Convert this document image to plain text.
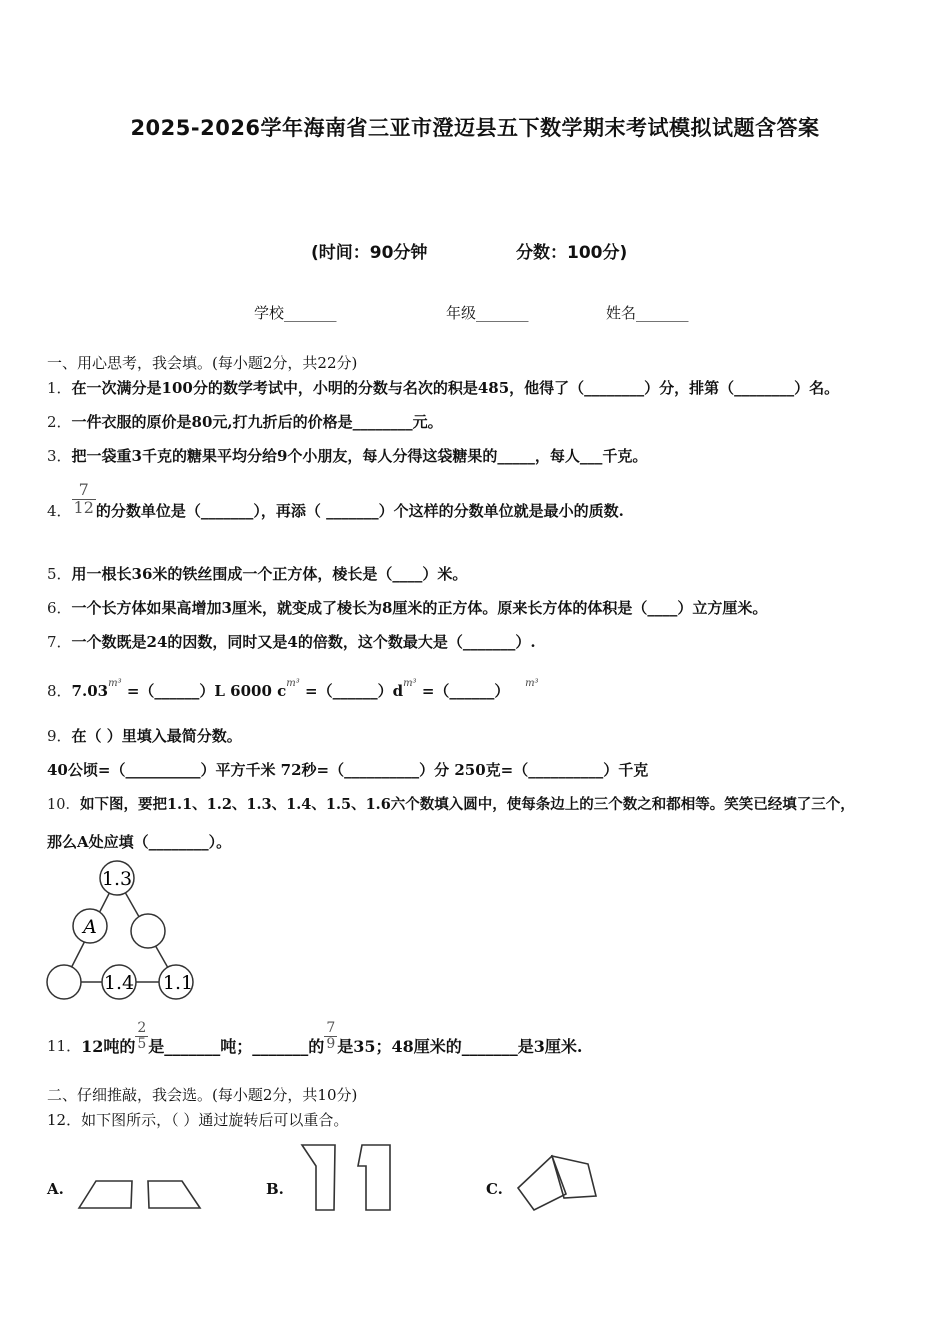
2025-2026学年海南省三亚市澄迈县五下数学期末考试模拟试题含答案
(时间：90分钟	分数：100分)
学校_______	年级_______	姓名_______
一、用心思考，我会填。(每小题2分，共22分)
1．在一次满分是100分的数学考试中，小明的分数与名次的积是485，他得了（________）分，排第（________）名。
2．一件衣服的原价是80元,打九折后的价格是________元。
3．把一袋重3千克的糖果平均分给9个小朋友，每人分得这袋糖果的_____，每人___千克。
4． $\frac{7}{12}$ 的分数单位是（_______），再添（ _______）个这样的分数单位就是最小的质数.
5．用一根长36米的铁丝围成一个正方体，棱长是（____）米。
6．一个长方体如果高增加3厘米，就变成了棱长为8厘米的正方体。原来长方体的体积是（____）立方厘米。
7．一个数既是24的因数，同时又是4的倍数，这个数最大是（_______）.
8．$7.03^{m^3}$ =（______）L 6000 $c^{m^3}$ $=(\_\_\_\_\_\_)d^{m^3}$ =（______） $^{m^3}$
9．在（ ）里填入最简分数。
40公顷=（__________）平方千米 72秒=（__________）分 250克=（__________）千克
10．如下图，要把1.1、1.2、1.3、1.4、1.5、1.6六个数填入圆中，使每条边上的三个数之和都相等。笑笑已经填了三个，
那么A处应填（________）。
1.3
A
1.4 1.1
11．12吨的 $\frac{2}{5}$ 是_______吨；_______的 $\frac{7}{9}$ 是35；48厘米的_______是3厘米.
二、仔细推敲，我会选。(每小题2分，共10分)
12．如下图所示，（ ）通过旋转后可以重合。
A.	B.	C.
